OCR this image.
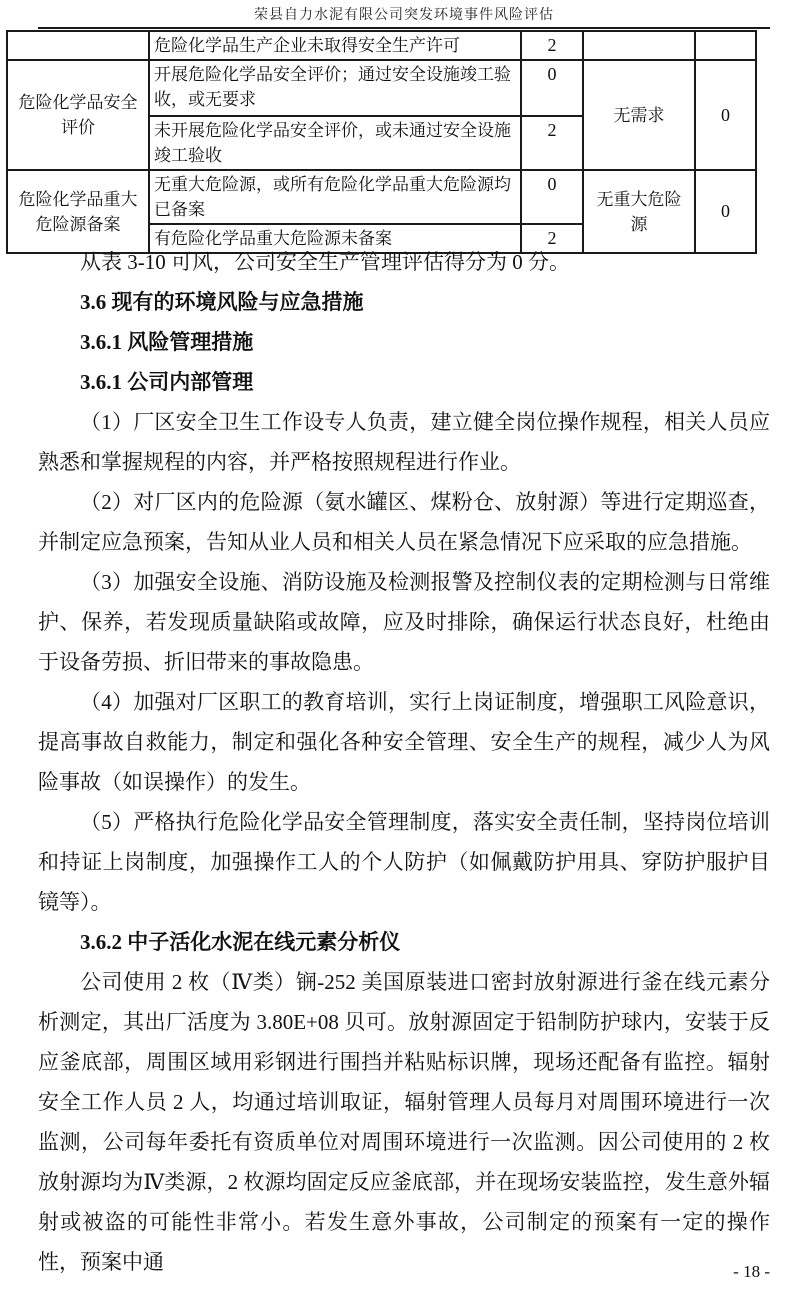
荣县自力水泥有限公司突发环境事件风险评估
	危险化学品生产企业未取得安全生产许可	2		
危险化学品安全评价	开展危险化学品安全评价；通过安全设施竣工验收，或无要求	0	无需求	0
	未开展危险化学品安全评价，或未通过安全设施竣工验收	2		
危险化学品重大危险源备案	无重大危险源，或所有危险化学品重大危险源均已备案	0	无重大危险 源	0
	有危险化学品重大危险源未备案	2		
从表 3-10 可风，公司安全生产管理评估得分为 0 分。
3.6 现有的环境风险与应急措施
3.6.1 风险管理措施
3.6.1 公司内部管理
（1）厂区安全卫生工作设专人负责，建立健全岗位操作规程，相关人员应熟悉和掌握规程的内容，并严格按照规程进行作业。
（2）对厂区内的危险源（氨水罐区、煤粉仓、放射源）等进行定期巡查，并制定应急预案，告知从业人员和相关人员在紧急情况下应采取的应急措施。
（3）加强安全设施、消防设施及检测报警及控制仪表的定期检测与日常维护、保养，若发现质量缺陷或故障，应及时排除，确保运行状态良好，杜绝由于设备劳损、折旧带来的事故隐患。
（4）加强对厂区职工的教育培训，实行上岗证制度，增强职工风险意识，提高事故自救能力，制定和强化各种安全管理、安全生产的规程，减少人为风险事故（如误操作）的发生。
（5）严格执行危险化学品安全管理制度，落实安全责任制，坚持岗位培训和持证上岗制度，加强操作工人的个人防护（如佩戴防护用具、穿防护服护目镜等）。
3.6.2 中子活化水泥在线元素分析仪
公司使用 2 枚（Ⅳ类）锎-252 美国原装进口密封放射源进行釜在线元素分析测定，其出厂活度为 3.80E+08 贝可。放射源固定于铅制防护球内，安装于反应釜底部，周围区域用彩钢进行围挡并粘贴标识牌，现场还配备有监控。辐射安全工作人员 2 人，均通过培训取证，辐射管理人员每月对周围环境进行一次监测，公司每年委托有资质单位对周围环境进行一次监测。因公司使用的 2 枚放射源均为Ⅳ类源，2 枚源均固定反应釜底部，并在现场安装监控，发生意外辐射或被盗的可能性非常小。若发生意外事故，公司制定的预案有一定的操作性，预案中通	- 18 -
